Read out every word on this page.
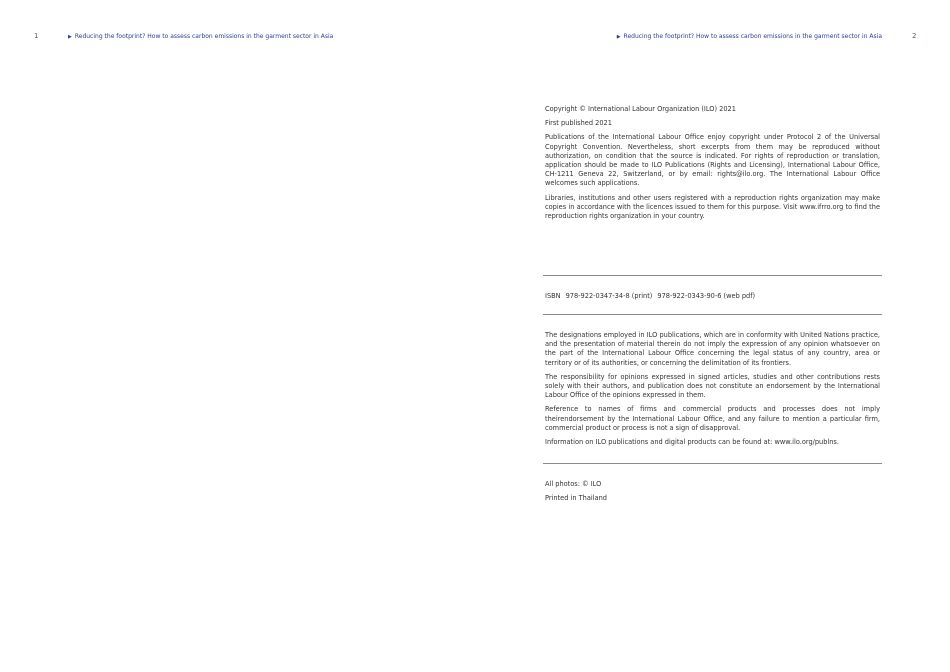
1	▶ Reducing the footprint? How to assess carbon emissions in the garment sector in Asia	▶ Reducing the footprint? How to assess carbon emissions in the garment sector in Asia	2

Copyright © International Labour Organization (ILO) 2021

First published 2021

Publications of the International Labour Office enjoy copyright under Protocol 2 of the Universal Copyright Convention. Nevertheless, short excerpts from them may be reproduced without authorization, on condition that the source is indicated. For rights of reproduction or translation, application should be made to ILO Publications (Rights and Licensing), International Labour Office, CH-1211 Geneva 22, Switzerland, or by email: rights@ilo.org. The International Labour Office welcomes such applications.

Libraries, institutions and other users registered with a reproduction rights organization may make copies in accordance with the licences issued to them for this purpose. Visit www.ifrro.org to find the reproduction rights organization in your country.

ISBN 978-922-0347-34-8 (print) 978-922-0343-90-6 (web pdf)

The designations employed in ILO publications, which are in conformity with United Nations practice, and the presentation of material therein do not imply the expression of any opinion whatsoever on the part of the International Labour Office concerning the legal status of any country, area or territory or of its authorities, or concerning the delimitation of its frontiers.

The responsibility for opinions expressed in signed articles, studies and other contributions rests solely with their authors, and publication does not constitute an endorsement by the International Labour Office of the opinions expressed in them.

Reference to names of firms and commercial products and processes does not imply theirendorsement by the International Labour Office, and any failure to mention a particular firm, commercial product or process is not a sign of disapproval.

Information on ILO publications and digital products can be found at: www.ilo.org/publns.

All photos: © ILO

Printed in Thailand
